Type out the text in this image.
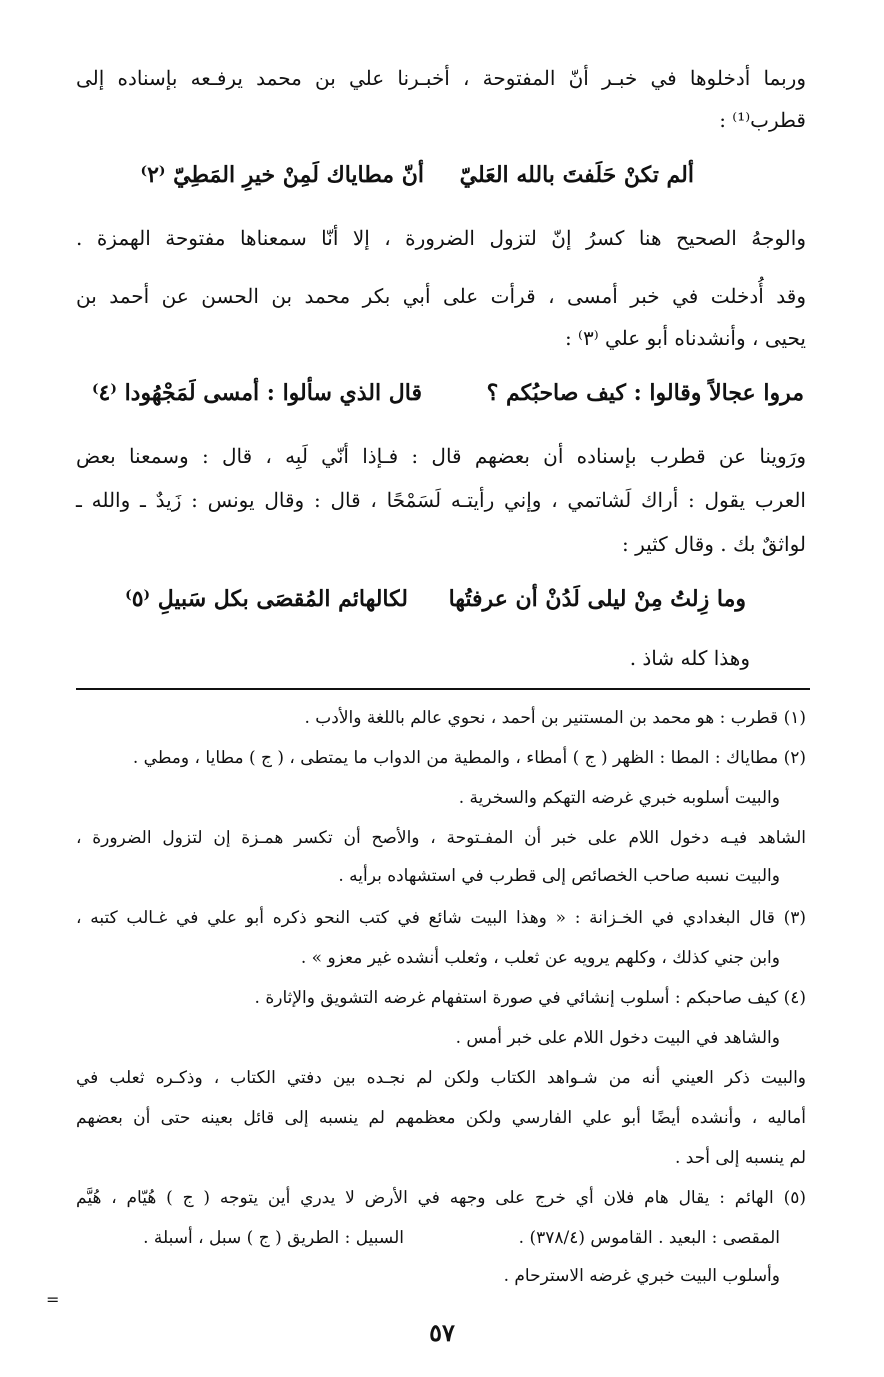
وربما أدخلوها في خبـر أنّ المفتوحة ، أخبـرنا علي بن محمد يرفـعه بإسناده إلى
قطرب⁽¹⁾ :
ألم تكنْ حَلَفتَ بالله العَليّ
أنّ مطاياك لَمِنْ خيرِ المَطِيّ ⁽٢⁾
والوجهُ الصحيح هنا كسرُ إنّ لتزول الضرورة ، إلا أنّا سمعناها مفتوحة الهمزة .
وقد أُدخلت في خبر أمسى ، قرأت على أبي بكر محمد بن الحسن عن أحمد بن
يحيى ، وأنشدناه أبو علي ⁽٣⁾ :
مروا عجالاً وقالوا : كيف صاحبُكم ؟
قال الذي سألوا : أمسى لَمَجْهُودا ⁽٤⁾
ورَوينا عن قطرب بإسناده أن بعضهم قال : فـإذا أنّي لَبِه ، قال : وسمعنا بعض
العرب يقول : أراك لَشاتمي ، وإني رأيتـه لَسَمْحًا ، قال : وقال يونس : زَيدٌ ـ والله ـ
لواثقٌ بك . وقال كثير :
وما زِلتُ مِنْ ليلى لَدُنْ أن عرفتُها
لكالهائم المُقصَى بكل سَبيلِ ⁽٥⁾
وهذا كله شاذ .
(١) قطرب : هو محمد بن المستنير بن أحمد ، نحوي عالم باللغة والأدب .
(٢) مطاياك : المطا : الظهر ( ج ) أمطاء ، والمطية من الدواب ما يمتطى ، ( ج ) مطايا ، ومطي .
والبيت أسلوبه خبري غرضه التهكم والسخرية .
الشاهد فيـه دخول اللام على خبر أن المفـتوحة ، والأصح أن تكسر همـزة إن لتزول الضرورة ،
والبيت نسبه صاحب الخصائص إلى قطرب في استشهاده برأيه .
(٣) قال البغدادي في الخـزانة : « وهذا البيت شائع في كتب النحو ذكره أبو علي في غـالب كتبه ،
وابن جني كذلك ، وكلهم يرويه عن ثعلب ، وثعلب أنشده غير معزو » .
(٤) كيف صاحبكم : أسلوب إنشائي في صورة استفهام غرضه التشويق والإثارة .
والشاهد في البيت دخول اللام على خبر أمس .
والبيت ذكر العيني أنه من شـواهد الكتاب ولكن لم نجـده بين دفتي الكتاب ، وذكـره ثعلب في
أماليه ، وأنشده أيضًا أبو علي الفارسي ولكن معظمهم لم ينسبه إلى قائل بعينه حتى أن بعضهم
لم ينسبه إلى أحد .
(٥) الهائم : يقال هام فلان أي خرج على وجهه في الأرض لا يدري أين يتوجه ( ج ) هُيّام ، هُيَّم
المقصى : البعيد . القاموس (٣٧٨/٤) .
السبيل : الطريق ( ج ) سبل ، أسبلة .
وأسلوب البيت خبري غرضه الاسترحام .
=
٥٧
